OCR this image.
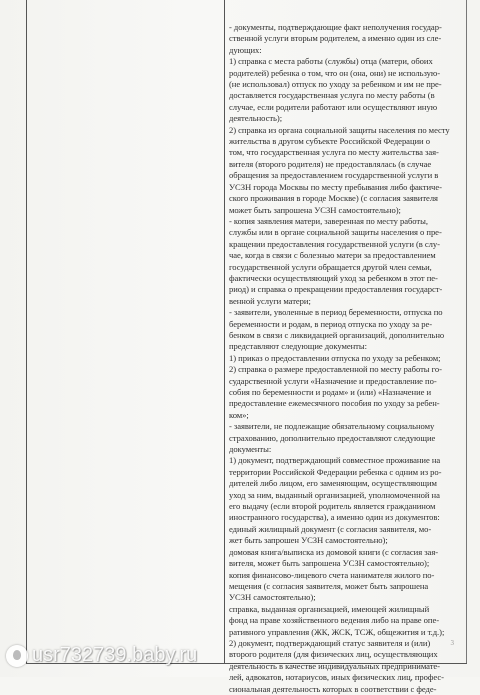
- документы, подтверждающие факт неполучения государ-
ственной услуги вторым родителем, а именно один из сле-
дующих:
1) справка с места работы (службы) отца (матери, обоих
родителей) ребенка о том, что он (она, они) не использую-
(не использовал) отпуск по уходу за ребенком и им не пре-
доставляется государственная услуга по месту работы (в
случае, если родители работают или осуществляют иную
деятельность);
2) справка из органа социальной защиты населения по месту
жительства в другом субъекте Российской Федерации о
том, что государственная услуга по месту жительства зая-
вителя (второго родителя) не предоставлялась (в случае
обращения за предоставлением государственной услуги в
УСЗН города Москвы по месту пребывания либо фактиче-
ского проживания в городе Москве) (с согласия заявителя
может быть запрошена УСЗН самостоятельно);
- копия заявления матери, заверенная по месту работы,
службы или в органе социальной защиты населения о пре-
кращении предоставления государственной услуги (в слу-
чае, когда в связи с болезнью матери за предоставлением
государственной услуги обращается другой член семьи,
фактически осуществляющий уход за ребенком в этот пе-
риод) и справка о прекращении предоставления государст-
венной услуги матери;
- заявители, уволенные в период беременности, отпуска по
беременности и родам, в период отпуска по уходу за ре-
бенком в связи с ликвидацией организаций, дополнительно
представляют следующие документы:
1) приказ о предоставлении отпуска по уходу за ребенком;
2) справка о размере предоставленной по месту работы го-
сударственной услуги «Назначение и предоставление по-
собия по беременности и родам» и (или) «Назначение и
предоставление ежемесячного пособия по уходу за ребен-
ком»;
- заявители, не подлежащие обязательному социальному
страхованию, дополнительно предоставляют следующие
документы:
1) документ, подтверждающий совместное проживание на
территории Российской Федерации ребенка с одним из ро-
дителей либо лицом, его заменяющим, осуществляющим
уход за ним, выданный организацией, уполномоченной на
его выдачу (если второй родитель является гражданином
иностранного государства), а именно один из документов:
единый жилищный документ (с согласия заявителя, мо-
жет быть запрошен УСЗН самостоятельно);
домовая книга/выписка из домовой книги (с согласия зая-
вителя, может быть запрошена УСЗН самостоятельно);
копия финансово-лицевого счета нанимателя жилого по-
мещения (с согласия заявителя, может быть запрошена
УСЗН самостоятельно);
справка, выданная организацией, имеющей жилищный
фонд на праве хозяйственного ведения либо на праве опе-
ративного управления (ЖК, ЖСК, ТСЖ, общежития и т.д.);
2) документ, подтверждающий статус заявителя и (или)
второго родителя (для физических лиц, осуществляющих
деятельность в качестве индивидуальных предпринимате-
лей, адвокатов, нотариусов, иных физических лиц, профес-
сиональная деятельность которых в соответствии с феде-
3
usr732739.baby.ru
